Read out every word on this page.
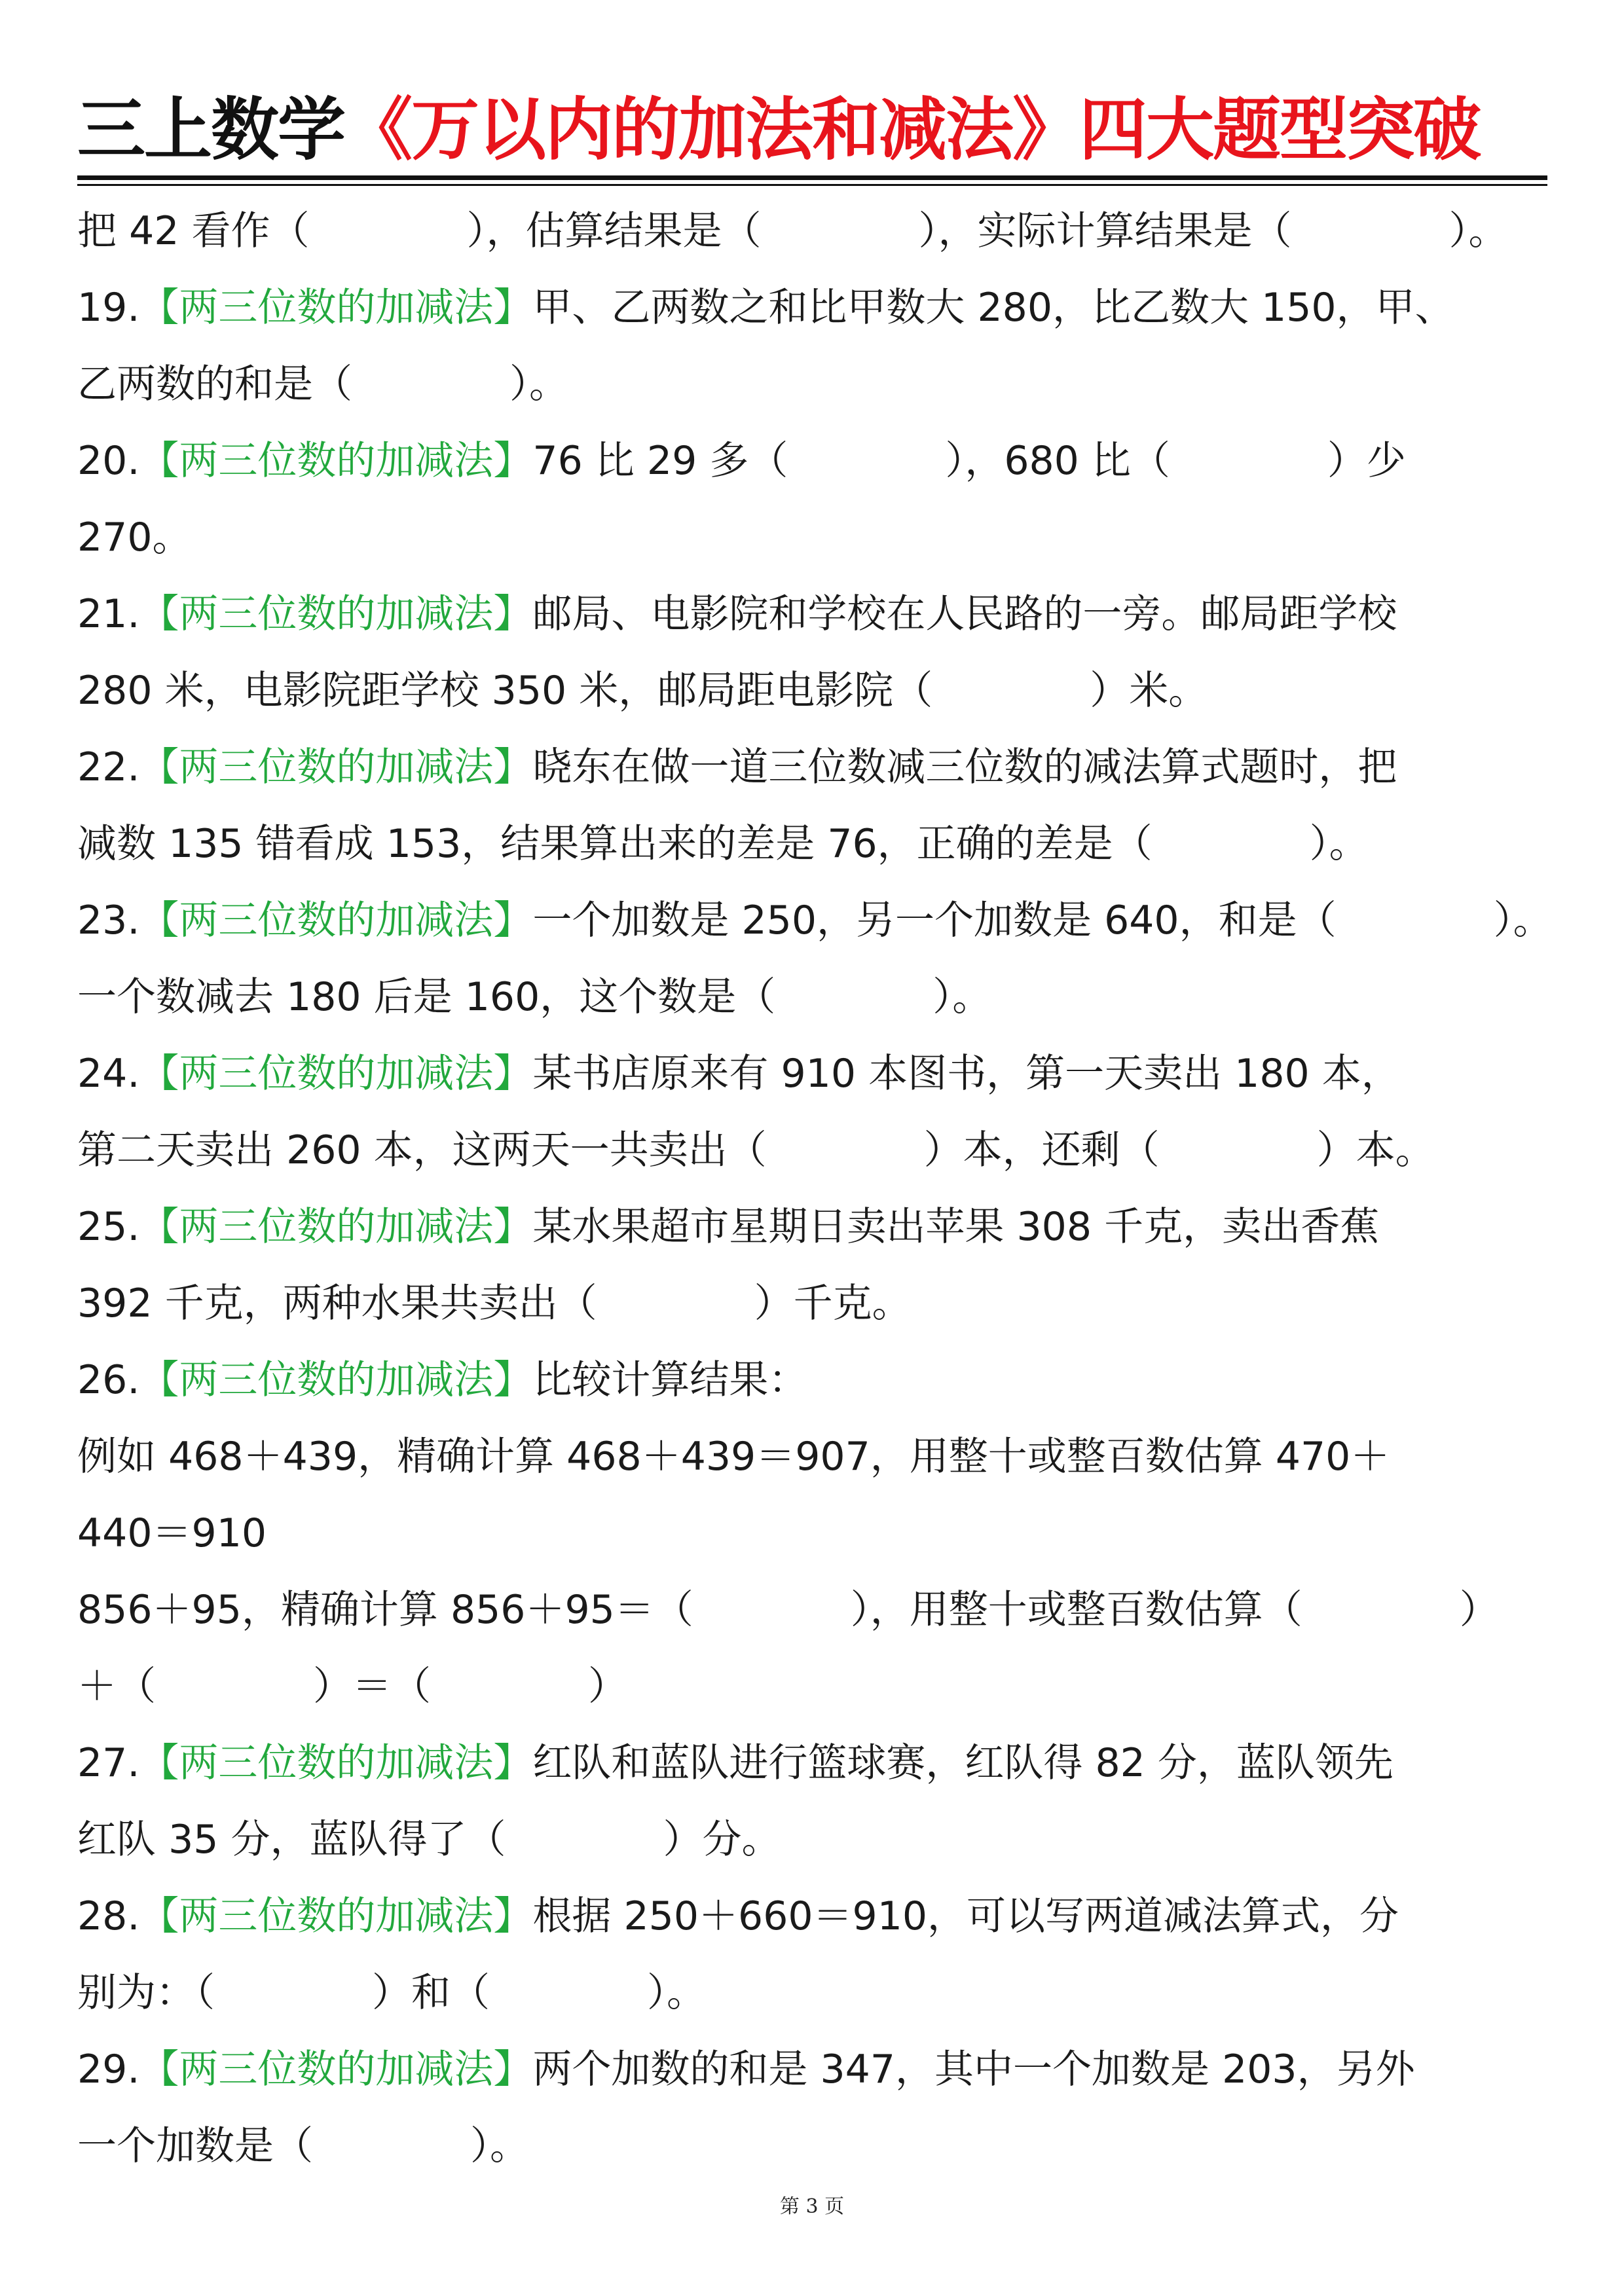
三上数学《万以内的加法和减法》四大题型突破
把 42 看作（　　　　），估算结果是（　　　　），实际计算结果是（　　　　）。
19.【两三位数的加减法】甲、乙两数之和比甲数大 280，比乙数大 150，甲、
乙两数的和是（　　　　）。
20.【两三位数的加减法】76 比 29 多（　　　　），680 比（　　　　）少
270。
21.【两三位数的加减法】邮局、电影院和学校在人民路的一旁。邮局距学校
280 米，电影院距学校 350 米，邮局距电影院（　　　　）米。
22.【两三位数的加减法】晓东在做一道三位数减三位数的减法算式题时，把
减数 135 错看成 153，结果算出来的差是 76，正确的差是（　　　　）。
23.【两三位数的加减法】一个加数是 250，另一个加数是 640，和是（　　　　）。
一个数减去 180 后是 160，这个数是（　　　　）。
24.【两三位数的加减法】某书店原来有 910 本图书，第一天卖出 180 本，
第二天卖出 260 本，这两天一共卖出（　　　　）本，还剩（　　　　）本。
25.【两三位数的加减法】某水果超市星期日卖出苹果 308 千克，卖出香蕉
392 千克，两种水果共卖出（　　　　）千克。
26.【两三位数的加减法】比较计算结果：
例如 468＋439，精确计算 468＋439＝907，用整十或整百数估算 470＋
440＝910
856＋95，精确计算 856＋95＝（　　　　），用整十或整百数估算（　　　　）
＋（　　　　）＝（　　　　）
27.【两三位数的加减法】红队和蓝队进行篮球赛，红队得 82 分，蓝队领先
红队 35 分，蓝队得了（　　　　）分。
28.【两三位数的加减法】根据 250＋660＝910，可以写两道减法算式，分
别为：（　　　　）和（　　　　）。
29.【两三位数的加减法】两个加数的和是 347，其中一个加数是 203，另外
一个加数是（　　　　）。
第 3 页
